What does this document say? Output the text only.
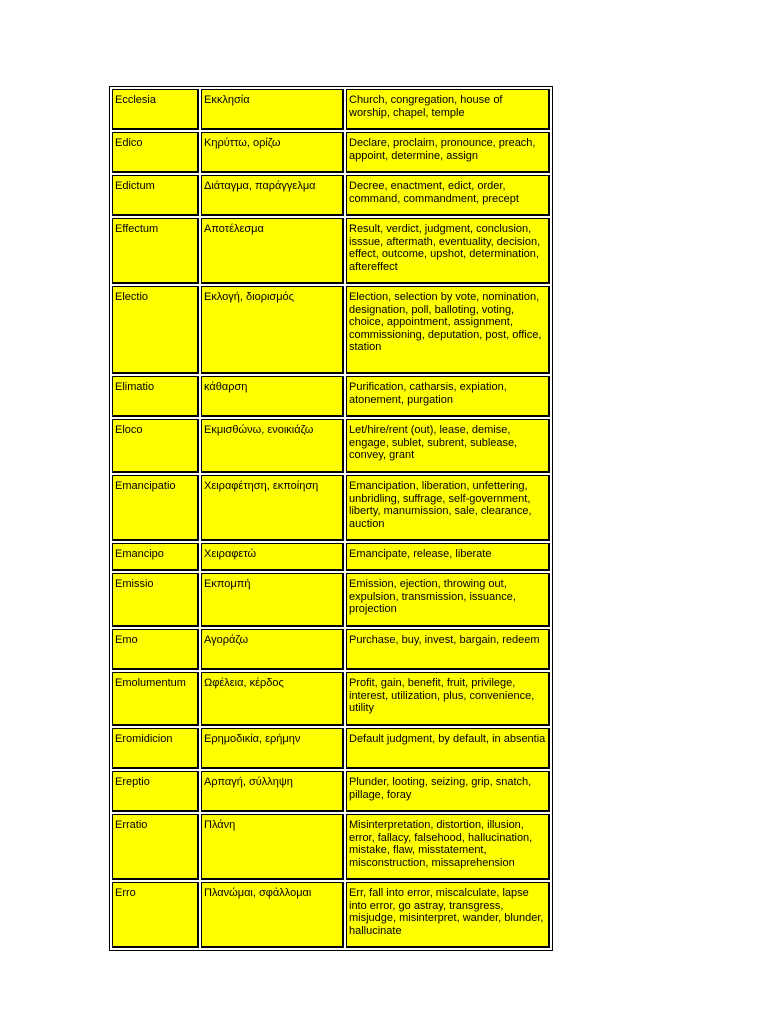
Ecclesia	Εκκλησία	Church, congregation, house of worship, chapel, temple
Edico	Κηρύττω, ορίζω	Declare, proclaim, pronounce, preach, appoint, determine, assign
Edictum	Διάταγμα, παράγγελμα	Decree, enactment, edict, order, command, commandment, precept
Effectum	Αποτέλεσμα	Result, verdict, judgment, conclusion, isssue, aftermath, eventuality, decision, effect, outcome, upshot, determination, aftereffect
Electio	Εκλογή, διορισμός	Election, selection by vote, nomination, designation, poll, balloting, voting, choice, appointment, assignment, commissioning, deputation, post, office, station
Elimatio	κάθαρση	Purification, catharsis, expiation, atonement, purgation
Eloco	Εκμισθώνω, ενοικιάζω	Let/hire/rent (out), lease, demise, engage, sublet, subrent, sublease, convey, grant
Emancipatio	Χειραφέτηση, εκποίηση	Emancipation, liberation, unfettering, unbridling, suffrage, self-government, liberty, manumission, sale, clearance, auction
Emancipo	Χειραφετώ	Emancipate, release, liberate
Emissio	Εκπομπή	Emission, ejection, throwing out, expulsion, transmission, issuance, projection
Emo	Αγοράζω	Purchase, buy, invest, bargain, redeem
Emolumentum	Ωφέλεια, κέρδος	Profit, gain, benefit, fruit, privilege, interest, utilization, plus, convenience, utility
Eromidicion	Ερημοδικία, ερήμην	Default judgment, by default, in absentia
Ereptio	Αρπαγή, σύλληψη	Plunder, looting, seizing, grip, snatch, pillage, foray
Erratio	Πλάνη	Misinterpretation, distortion, illusion, error, fallacy, falsehood, hallucination, mistake, flaw, misstatement, misconstruction, missaprehension
Erro	Πλανώμαι, σφάλλομαι	Err, fall into error, miscalculate, lapse into error, go astray, transgress, misjudge, misinterpret, wander, blunder, hallucinate
